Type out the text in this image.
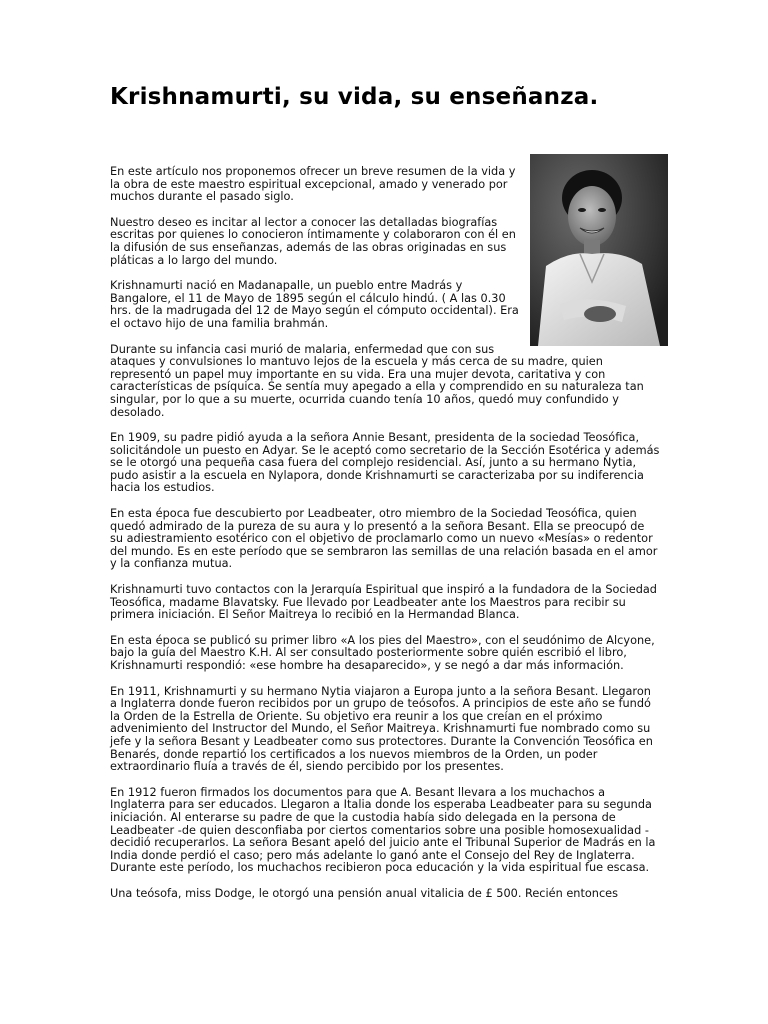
Krishnamurti, su vida, su enseñanza.

En este artículo nos proponemos ofrecer un breve resumen de la vida y la obra de este maestro espiritual excepcional, amado y venerado por muchos durante el pasado siglo.

Nuestro deseo es incitar al lector a conocer las detalladas biografías escritas por quienes lo conocieron íntimamente y colaboraron con él en la difusión de sus enseñanzas, además de las obras originadas en sus pláticas a lo largo del mundo.

Krishnamurti nació en Madanapalle, un pueblo entre Madrás y Bangalore, el 11 de Mayo de 1895 según el cálculo hindú. ( A las 0.30 hrs. de la madrugada del 12 de Mayo según el cómputo occidental). Era el octavo hijo de una familia brahmán.

Durante su infancia casi murió de malaria, enfermedad que con sus ataques y convulsiones lo mantuvo lejos de la escuela y más cerca de su madre, quien representó un papel muy importante en su vida. Era una mujer devota, caritativa y con características de psíquica. Se sentía muy apegado a ella y comprendido en su naturaleza tan singular, por lo que a su muerte, ocurrida cuando tenía 10 años, quedó muy confundido y desolado.

En 1909, su padre pidió ayuda a la señora Annie Besant, presidenta de la sociedad Teosófica, solicitándole un puesto en Adyar. Se le aceptó como secretario de la Sección Esotérica y además se le otorgó una pequeña casa fuera del complejo residencial. Así, junto a su hermano Nytia, pudo asistir a la escuela en Nylapora, donde Krishnamurti se caracterizaba por su indiferencia hacia los estudios.

En esta época fue descubierto por Leadbeater, otro miembro de la Sociedad Teosófica, quien quedó admirado de la pureza de su aura y lo presentó a la señora Besant. Ella se preocupó de su adiestramiento esotérico con el objetivo de proclamarlo como un nuevo «Mesías» o redentor del mundo. Es en este período que se sembraron las semillas de una relación basada en el amor y la confianza mutua.

Krishnamurti tuvo contactos con la Jerarquía Espiritual que inspiró a la fundadora de la Sociedad Teosófica, madame Blavatsky. Fue llevado por Leadbeater ante los Maestros para recibir su primera iniciación. El Señor Maitreya lo recibió en la Hermandad Blanca.

En esta época se publicó su primer libro «A los pies del Maestro», con el seudónimo de Alcyone, bajo la guía del Maestro K.H. Al ser consultado posteriormente sobre quién escribió el libro, Krishnamurti respondió: «ese hombre ha desaparecido», y se negó a dar más información.

En 1911, Krishnamurti y su hermano Nytia viajaron a Europa junto a la señora Besant. Llegaron a Inglaterra donde fueron recibidos por un grupo de teósofos. A principios de este año se fundó la Orden de la Estrella de Oriente. Su objetivo era reunir a los que creían en el próximo advenimiento del Instructor del Mundo, el Señor Maitreya. Krishnamurti fue nombrado como su jefe y la señora Besant y Leadbeater como sus protectores. Durante la Convención Teosófica en Benarés, donde repartió los certificados a los nuevos miembros de la Orden, un poder extraordinario fluía a través de él, siendo percibido por los presentes.

En 1912 fueron firmados los documentos para que A. Besant llevara a los muchachos a Inglaterra para ser educados. Llegaron a Italia donde los esperaba Leadbeater para su segunda iniciación. Al enterarse su padre de que la custodia había sido delegada en la persona de Leadbeater -de quien desconfiaba por ciertos comentarios sobre una posible homosexualidad - decidió recuperarlos. La señora Besant apeló del juicio ante el Tribunal Superior de Madrás en la India donde perdió el caso; pero más adelante lo ganó ante el Consejo del Rey de Inglaterra. Durante este período, los muchachos recibieron poca educación y la vida espiritual fue escasa.

Una teósofa, miss Dodge, le otorgó una pensión anual vitalicia de £ 500. Recién entonces
